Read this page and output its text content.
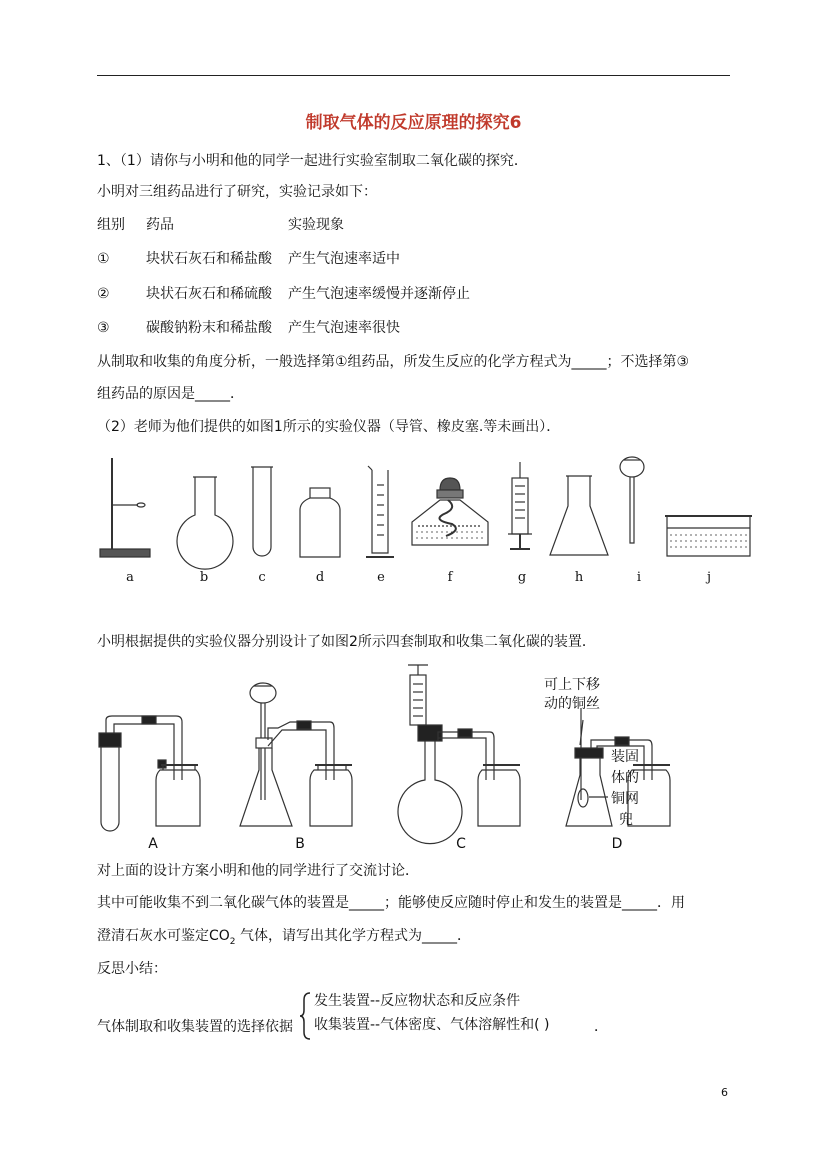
制取气体的反应原理的探究6
1、（1）请你与小明和他的同学一起进行实验室制取二氧化碳的探究．
小明对三组药品进行了研究，实验记录如下：
组别 药品	实验现象
①	块状石灰石和稀盐酸 产生气泡速率适中
②	块状石灰石和稀硫酸 产生气泡速率缓慢并逐渐停止
③	碳酸钠粉末和稀盐酸 产生气泡速率很快
从制取和收集的角度分析，一般选择第①组药品，所发生反应的化学方程式为_____；不选择第③
组药品的原因是_____．
（2）老师为他们提供的如图1所示的实验仪器（导管、橡皮塞.等未画出）．
a	b	c	d	e	f	g	h	i	j
小明根据提供的实验仪器分别设计了如图2所示四套制取和收集二氧化碳的装置．
A	B	C	D
可上下移
动的铜丝
装固
体的
铜网
兜
对上面的设计方案小明和他的同学进行了交流讨论．
其中可能收集不到二氧化碳气体的装置是_____；能够使反应随时停止和发生的装置是_____．用
澄清石灰水可鉴定$CO_2$ 气体，请写出其化学方程式为_____．
反思小结：
气体制取和收集装置的选择依据
发生装置--反应物状态和反应条件
收集装置--气体密度、气体溶解性和( )	．
6
